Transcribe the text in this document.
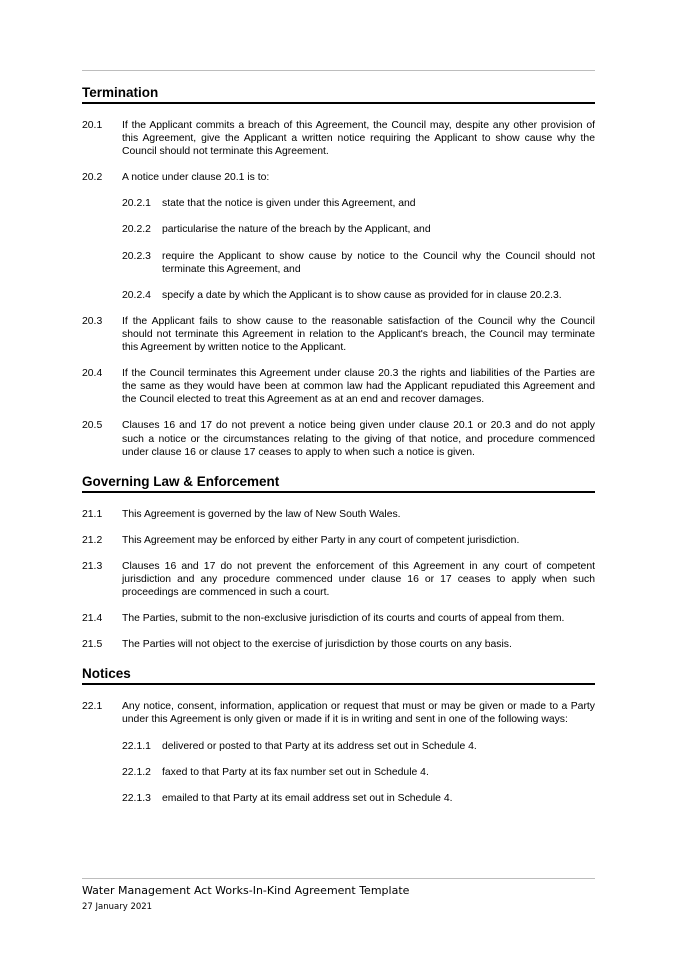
Termination
20.1	If the Applicant commits a breach of this Agreement, the Council may, despite any other provision of this Agreement, give the Applicant a written notice requiring the Applicant to show cause why the Council should not terminate this Agreement.
20.2	A notice under clause 20.1 is to:
20.2.1	state that the notice is given under this Agreement, and
20.2.2	particularise the nature of the breach by the Applicant, and
20.2.3	require the Applicant to show cause by notice to the Council why the Council should not terminate this Agreement, and
20.2.4	specify a date by which the Applicant is to show cause as provided for in clause 20.2.3.
20.3	If the Applicant fails to show cause to the reasonable satisfaction of the Council why the Council should not terminate this Agreement in relation to the Applicant's breach, the Council may terminate this Agreement by written notice to the Applicant.
20.4	If the Council terminates this Agreement under clause 20.3 the rights and liabilities of the Parties are the same as they would have been at common law had the Applicant repudiated this Agreement and the Council elected to treat this Agreement as at an end and recover damages.
20.5	Clauses 16 and 17 do not prevent a notice being given under clause 20.1 or 20.3 and do not apply such a notice or the circumstances relating to the giving of that notice, and procedure commenced under clause 16 or clause 17 ceases to apply to when such a notice is given.
Governing Law & Enforcement
21.1	This Agreement is governed by the law of New South Wales.
21.2	This Agreement may be enforced by either Party in any court of competent jurisdiction.
21.3	Clauses 16 and 17 do not prevent the enforcement of this Agreement in any court of competent jurisdiction and any procedure commenced under clause 16 or 17 ceases to apply when such proceedings are commenced in such a court.
21.4	The Parties, submit to the non-exclusive jurisdiction of its courts and courts of appeal from them.
21.5	The Parties will not object to the exercise of jurisdiction by those courts on any basis.
Notices
22.1	Any notice, consent, information, application or request that must or may be given or made to a Party under this Agreement is only given or made if it is in writing and sent in one of the following ways:
22.1.1	delivered or posted to that Party at its address set out in Schedule 4.
22.1.2	faxed to that Party at its fax number set out in Schedule 4.
22.1.3	emailed to that Party at its email address set out in Schedule 4.
Water Management Act Works-In-Kind Agreement Template
27 January 2021
